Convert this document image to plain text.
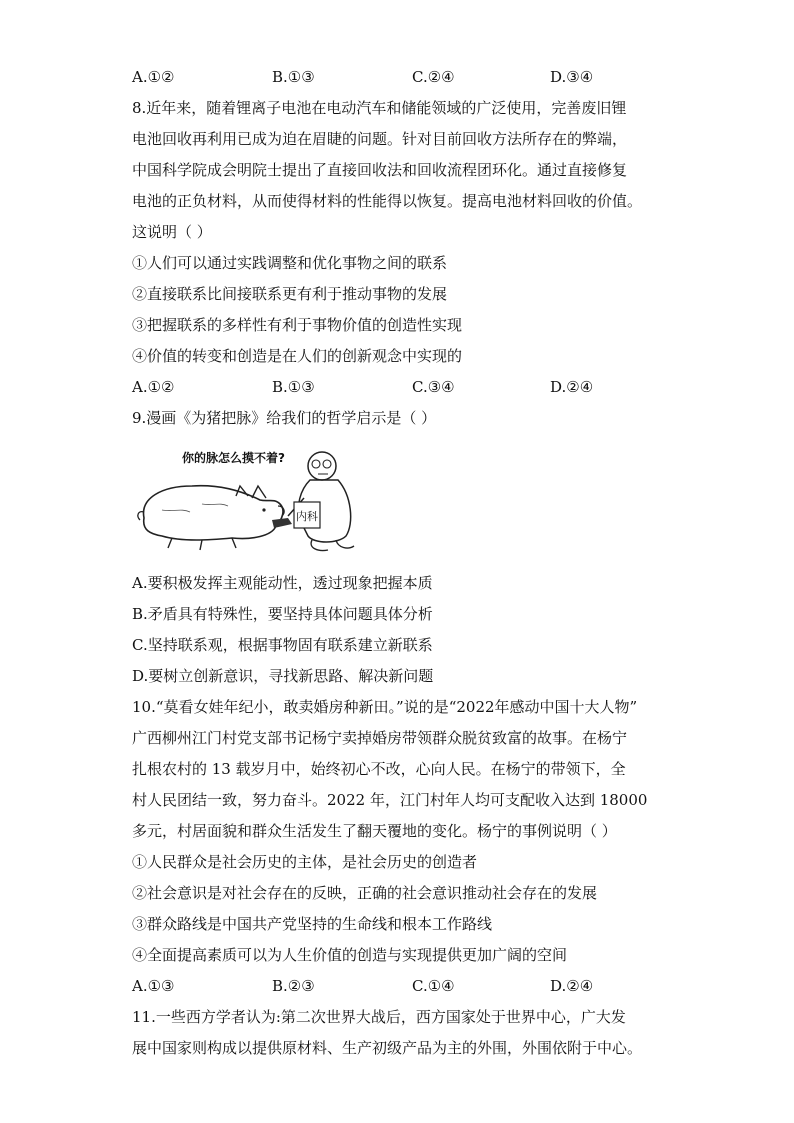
A.①②	B.①③	C.②④	D.③④
8.近年来，随着锂离子电池在电动汽车和储能领域的广泛使用，完善废旧锂
电池回收再利用已成为迫在眉睫的问题。针对目前回收方法所存在的弊端，
中国科学院成会明院士提出了直接回收法和回收流程团环化。通过直接修复
电池的正负材料，从而使得材料的性能得以恢复。提高电池材料回收的价值。
这说明（ ）
①人们可以通过实践调整和优化事物之间的联系
②直接联系比间接联系更有利于推动事物的发展
③把握联系的多样性有利于事物价值的创造性实现
④价值的转变和创造是在人们的创新观念中实现的
A.①②	B.①③	C.③④	D.②④
9.漫画《为猪把脉》给我们的哲学启示是（ ）
内科
你的脉怎么摸不着?
A.要积极发挥主观能动性，透过现象把握本质
B.矛盾具有特殊性，要坚持具体问题具体分析
C.坚持联系观，根据事物固有联系建立新联系
D.要树立创新意识，寻找新思路、解决新问题
10.“莫看女娃年纪小，敢卖婚房种新田。”说的是“2022年感动中国十大人物”
广西柳州江门村党支部书记杨宁卖掉婚房带领群众脱贫致富的故事。在杨宁
扎根农村的 13 载岁月中，始终初心不改，心向人民。在杨宁的带领下，全
村人民团结一致，努力奋斗。2022 年，江门村年人均可支配收入达到 18000
多元，村居面貌和群众生活发生了翻天覆地的变化。杨宁的事例说明（ ）
①人民群众是社会历史的主体，是社会历史的创造者
②社会意识是对社会存在的反映，正确的社会意识推动社会存在的发展
③群众路线是中国共产党坚持的生命线和根本工作路线
④全面提高素质可以为人生价值的创造与实现提供更加广阔的空间
A.①③	B.②③	C.①④	D.②④
11.一些西方学者认为:第二次世界大战后，西方国家处于世界中心，广大发
展中国家则构成以提供原材料、生产初级产品为主的外围，外围依附于中心。
